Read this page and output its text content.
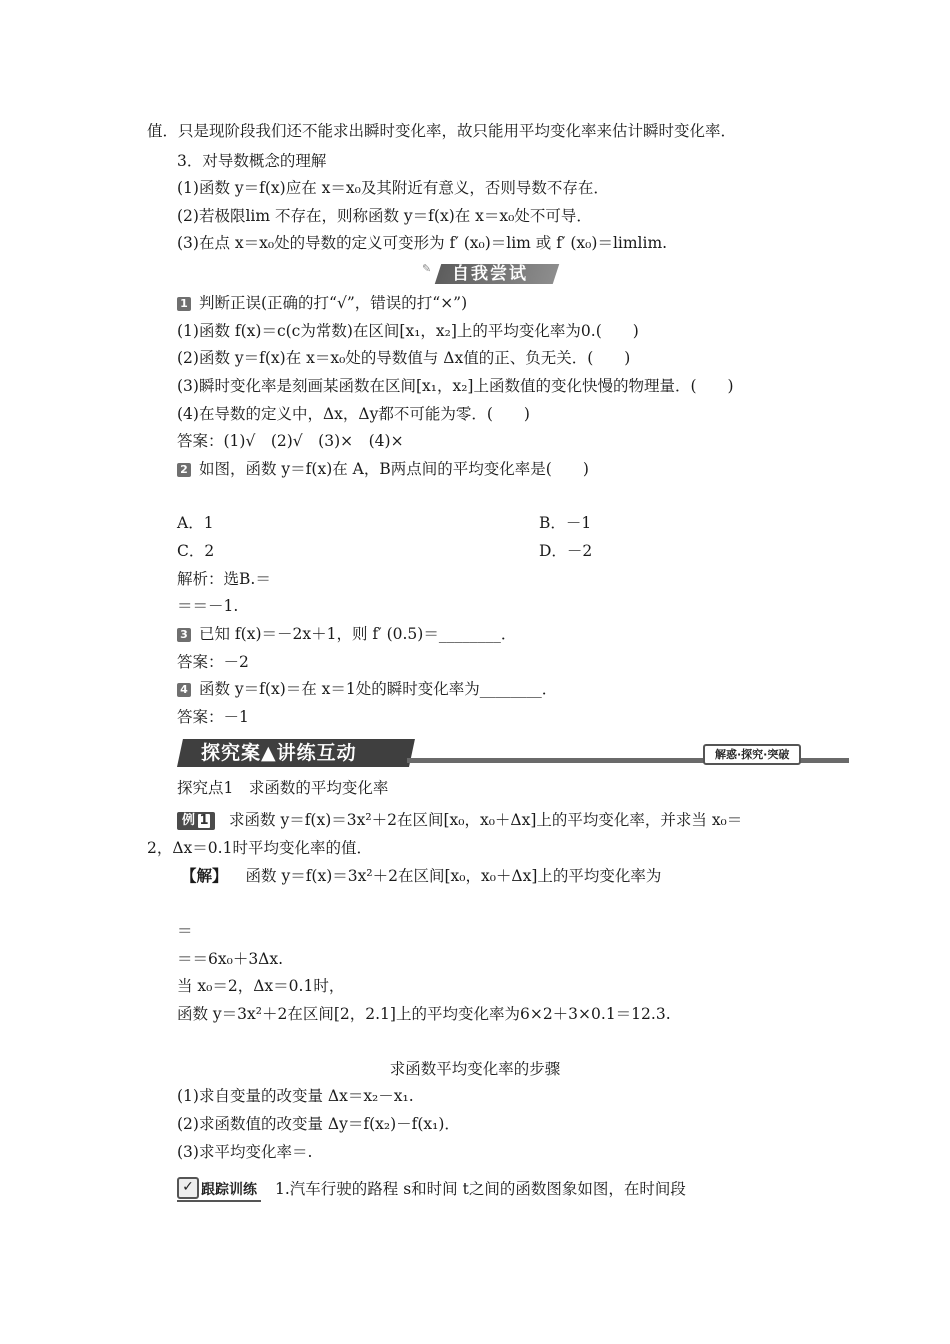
值．只是现阶段我们还不能求出瞬时变化率，故只能用平均变化率来估计瞬时变化率．
3．对导数概念的理解
(1)函数 y＝f(x)应在 x＝x₀及其附近有意义，否则导数不存在．
(2)若极限lim 不存在，则称函数 y＝f(x)在 x＝x₀处不可导．
(3)在点 x＝x₀处的导数的定义可变形为 f′ (x₀)＝lim 或 f′ (x₀)＝limlim.
✎	自我尝试
1 判断正误(正确的打“√”，错误的打“×”)
(1)函数 f(x)＝c(c为常数)在区间[x₁，x₂]上的平均变化率为0.(　　)
(2)函数 y＝f(x)在 x＝x₀处的导数值与 Δx值的正、负无关．(　　)
(3)瞬时变化率是刻画某函数在区间[x₁，x₂]上函数值的变化快慢的物理量．(　　)
(4)在导数的定义中，Δx，Δy都不可能为零．(　　)
答案：(1)√　(2)√　(3)×　(4)×
2 如图，函数 y＝f(x)在 A，B两点间的平均变化率是(　　)
A．1	B．－1
C．2	D．－2
解析：选B.＝
＝＝－1.
3 已知 f(x)＝－2x＋1，则 f′ (0.5)＝________．
答案：－2
4 函数 y＝f(x)＝在 x＝1处的瞬时变化率为________．
答案：－1
探究案▲讲练互动	解惑·探究·突破
探究点1　求函数的平均变化率
例 1 求函数 y＝f(x)＝3x²＋2在区间[x₀，x₀＋Δx]上的平均变化率，并求当 x₀＝
2，Δx＝0.1时平均变化率的值．
【解】 函数 y＝f(x)＝3x²＋2在区间[x₀，x₀＋Δx]上的平均变化率为
＝
＝＝6x₀＋3Δx.
当 x₀＝2，Δx＝0.1时，
函数 y＝3x²＋2在区间[2，2.1]上的平均变化率为6×2＋3×0.1＝12.3.
求函数平均变化率的步骤
(1)求自变量的改变量 Δx＝x₂－x₁.
(2)求函数值的改变量 Δy＝f(x₂)－f(x₁)．
(3)求平均变化率＝.
✓ 跟踪训练 1.汽车行驶的路程 s和时间 t之间的函数图象如图，在时间段
